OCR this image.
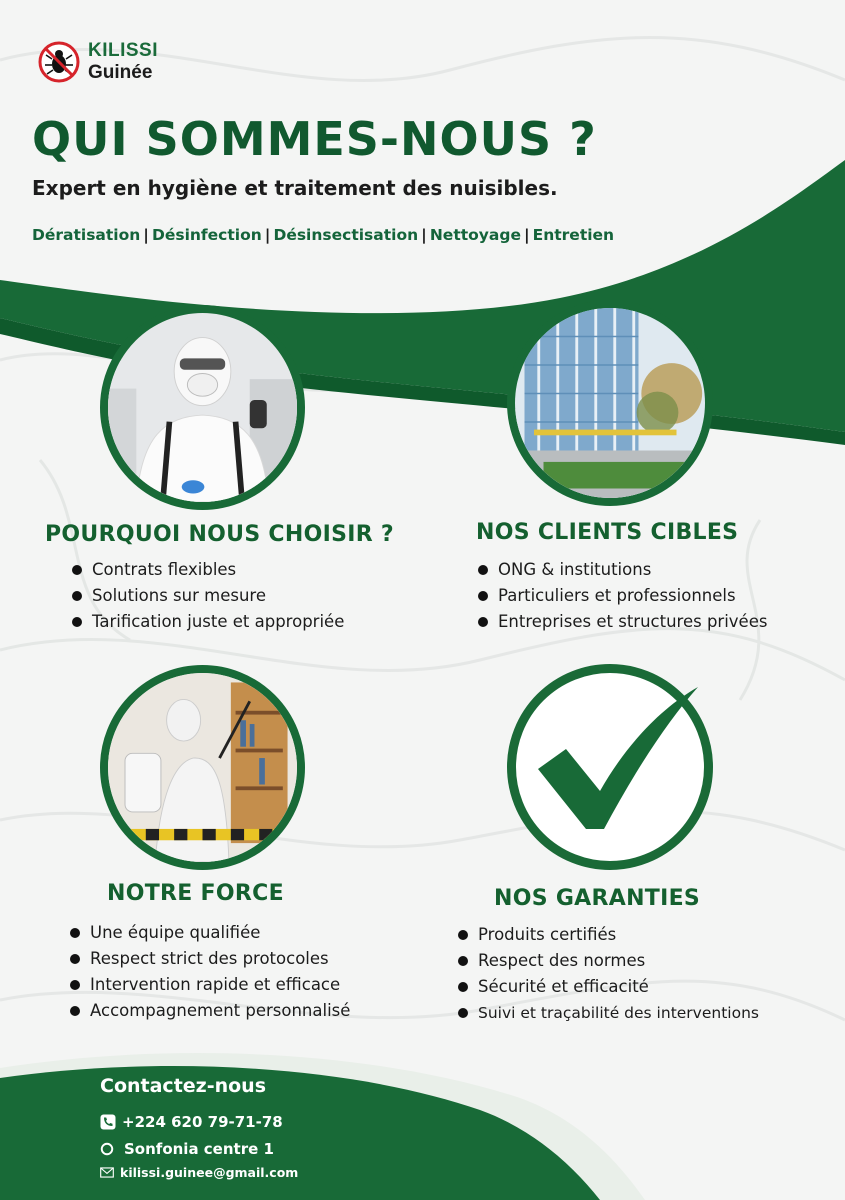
KILISSI
Guinée
QUI SOMMES-NOUS ?
Expert en hygiène et traitement des nuisibles.
Dératisation | Désinfection | Désinsectisation | Nettoyage | Entretien
POURQUOI NOUS CHOISIR ?
Contrats flexibles
Solutions sur mesure
Tarification juste et appropriée
NOS CLIENTS CIBLES
ONG & institutions
Particuliers et professionnels
Entreprises et structures privées
NOTRE FORCE
Une équipe qualifiée
Respect strict des protocoles
Intervention rapide et efficace
Accompagnement personnalisé
NOS GARANTIES
Produits certifiés
Respect des normes
Sécurité et efficacité
Suivi et traçabilité des interventions
Contactez-nous
+224 620 79-71-78
Sonfonia centre 1
kilissi.guinee@gmail.com
